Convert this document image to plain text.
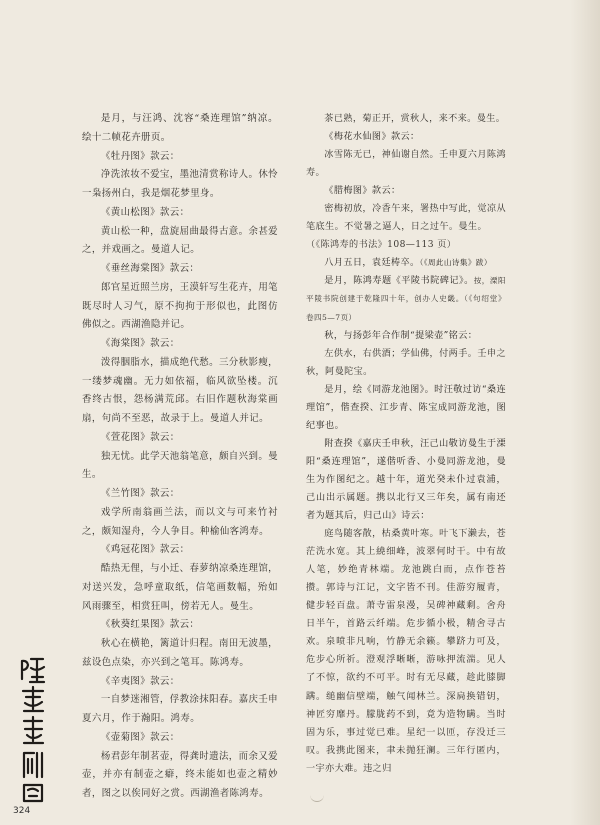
是月，与汪鸿、沈容“桑连理馆”纳凉。绘十二帧花卉册页。

《牡丹图》款云：

净洗浓妆不爱宝，墨池清赏称诗人。休怜一枭扬州白，我是烟花梦里身。

《黄山松图》款云：

黄山松一种，盘旋屈曲最得古意。余甚爱之，并戏画之。曼道人记。

《垂丝海棠图》款云：

郎官星近照兰房，王漠轩写生花卉，用笔既尽时人习气，原不拘拘于形似也，此图仿佛似之。西湖渔隐并记。

《海棠图》款云：

泼得胭脂水，描成绝代愁。三分秋影瘦，一缕梦魂幽。无力如依福，临风欲坠楼。沉香终古恨，怨杨满荒邱。右旧作题秋海棠画扇，句尚不至恶，故录于上。曼道人并记。

《萱花图》款云：

独无忧。此学天池翁笔意，颇自兴到。曼生。

《兰竹图》款云：

戏学所南翁画兰法，而以文与可来竹衬之，颇知湿舟，今人争目。种榆仙客鸿寿。

《鸡冠花图》款云：

酷热无俚，与小迁、春萝纳凉桑连理馆，对送兴发，急呼童取纸，信笔画数幅，殆如风雨骤至，相赏狂叫，傍若无人。曼生。

《秋葵红果图》款云：

秋心在横艳，篱道计归程。南田无波墨，兹设色点染，亦兴到之笔耳。陈鸿寿。

《辛夷图》款云：

一自梦迷湘管，俘教涂抹阳春。嘉庆壬申夏六月，作于瀚阳。鸿寿。

《壶菊图》款云：

杨君彭年制茗壶，得龚时遗法，而余又爱壶，并亦有制壶之癖，终未能如也壶之精妙者，图之以俟同好之赏。西湖渔者陈鸿寿。

茶已熟，菊正开，赏秋人，来不来。曼生。

《梅花水仙图》款云：

冰雪陈无已，神仙谢自然。壬申夏六月陈鸿寿。

《腊梅图》款云：

密梅初放，冷香午来，署热中写此，觉凉从笔底生。不觉暑之逼人，日之过午。曼生。

（《陈鸿寿的书法》108—113 页）

八月五日，袁廷梼卒。（《周此山诗集》跋）

是月，陈鸿寿题《平陵书院碑记》。按，溧阳平陵书院创建于乾隆四十年，创办人史畿。（《句绍堂》卷四5—7页）

秋，与扬彭年合作制“提梁壶”铭云：

左供水，右供酒；学仙佛，付两手。壬申之秋，阿曼陀宝。

是月，绘《同游龙池图》。时汪敬过访“桑连理馆”，偕查揆、江步青、陈宝成同游龙池，图纪事也。

附查揆《嘉庆壬申秋，汪己山敬访曼生于溧阳“桑连理馆”，遂偕听香、小曼同游龙池，曼生为作图纪之。越十年，道光癸未仆过袁浦，己山出示属题。携以北行又三年矣，属有南还者为题其后，归己山》诗云：

庭鸟随客散，枯桑黄叶寒。叶飞下濑去，苍茫洗水宽。其上繞细峰，波翠何时干。中有故人笔，妙绝青林端。龙池跳白而，点作苍苔攒。郭诗与江记，文字皆不刊。佳游穷履青，健步轻百盘。萧寺雷泉漫，吴碑神藏剩。舍舟日半午，首路云纤端。危步循小极，精舍寻古欢。泉喷非凡响，竹静无余籁。攀跻力可及，危步心所祈。澄观浮晰晰，游咏押流湍。见人了不惊，欲约不可平。时有无尽藏，趁此膝脚蹒。缒幽信壁端，触气闻林兰。深扃换错钥，神匠穷靡丹。朦胧药不到，竟为造物瞒。当时固为乐，事过觉已难。星纪一以匝，存没迁三叹。我携此图来，聿未抛狂澜。三年行匿内，一宇亦大难。违之归

324
